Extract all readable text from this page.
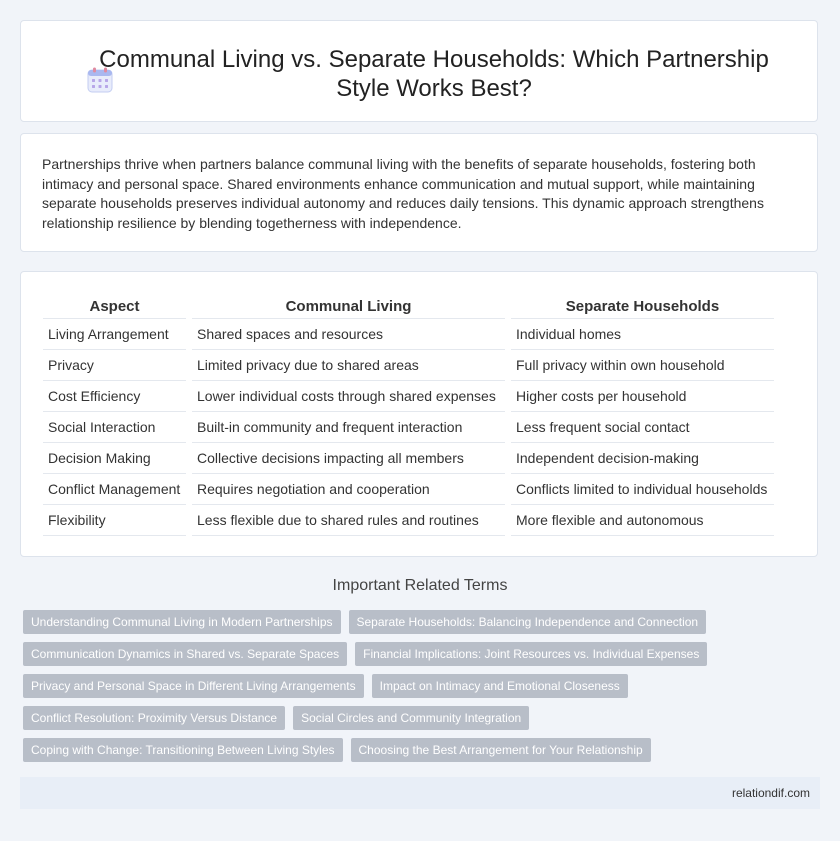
Communal Living vs. Separate Households: Which Partnership Style Works Best?

Partnerships thrive when partners balance communal living with the benefits of separate households, fostering both intimacy and personal space. Shared environments enhance communication and mutual support, while maintaining separate households preserves individual autonomy and reduces daily tensions. This dynamic approach strengthens relationship resilience by blending togetherness with independence.

Aspect	Communal Living	Separate Households
Living Arrangement	Shared spaces and resources	Individual homes
Privacy	Limited privacy due to shared areas	Full privacy within own household
Cost Efficiency	Lower individual costs through shared expenses	Higher costs per household
Social Interaction	Built-in community and frequent interaction	Less frequent social contact
Decision Making	Collective decisions impacting all members	Independent decision-making
Conflict Management	Requires negotiation and cooperation	Conflicts limited to individual households
Flexibility	Less flexible due to shared rules and routines	More flexible and autonomous
Important Related Terms
Understanding Communal Living in Modern Partnerships	Separate Households: Balancing Independence and Connection
Communication Dynamics in Shared vs. Separate Spaces	Financial Implications: Joint Resources vs. Individual Expenses
Privacy and Personal Space in Different Living Arrangements	Impact on Intimacy and Emotional Closeness
Conflict Resolution: Proximity Versus Distance	Social Circles and Community Integration
Coping with Change: Transitioning Between Living Styles	Choosing the Best Arrangement for Your Relationship
relationdif.com
